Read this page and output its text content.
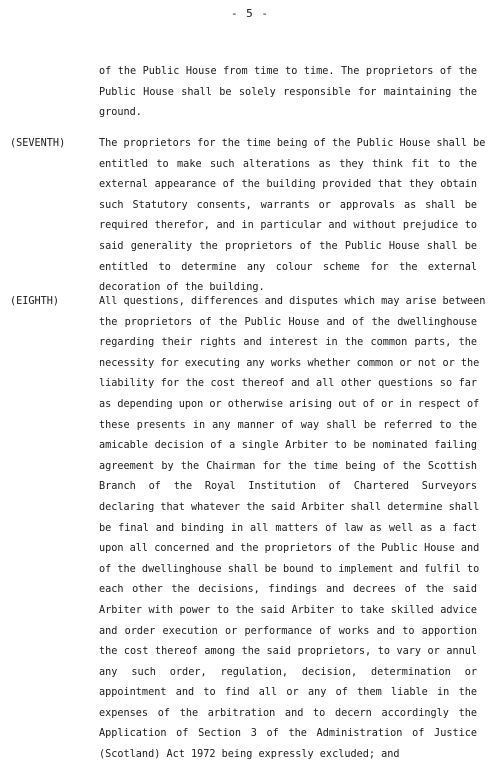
- 5 -
of the Public House from time to time. The proprietors of the
Public House shall be solely responsible for maintaining the
ground.
(SEVENTH)	The proprietors for the time being of the Public House shall be
entitled to make such alterations as they think fit to the
external appearance of the building provided that they obtain
such Statutory consents, warrants or approvals as shall be
required therefor, and in particular and without prejudice to
said generality the proprietors of the Public House shall be
entitled to determine any colour scheme for the external
decoration of the building.
(EIGHTH)	All questions, differences and disputes which may arise between
the proprietors of the Public House and of the dwellinghouse
regarding their rights and interest in the common parts, the
necessity for executing any works whether common or not or the
liability for the cost thereof and all other questions so far
as depending upon or otherwise arising out of or in respect of
these presents in any manner of way shall be referred to the
amicable decision of a single Arbiter to be nominated failing
agreement by the Chairman for the time being of the Scottish
Branch of the Royal Institution of Chartered Surveyors
declaring that whatever the said Arbiter shall determine shall
be final and binding in all matters of law as well as a fact
upon all concerned and the proprietors of the Public House and
of the dwellinghouse shall be bound to implement and fulfil to
each other the decisions, findings and decrees of the said
Arbiter with power to the said Arbiter to take skilled advice
and order execution or performance of works and to apportion
the cost thereof among the said proprietors, to vary or annul
any such order, regulation, decision, determination or
appointment and to find all or any of them liable in the
expenses of the arbitration and to decern accordingly the
Application of Section 3 of the Administration of Justice
(Scotland) Act 1972 being expressly excluded; and
